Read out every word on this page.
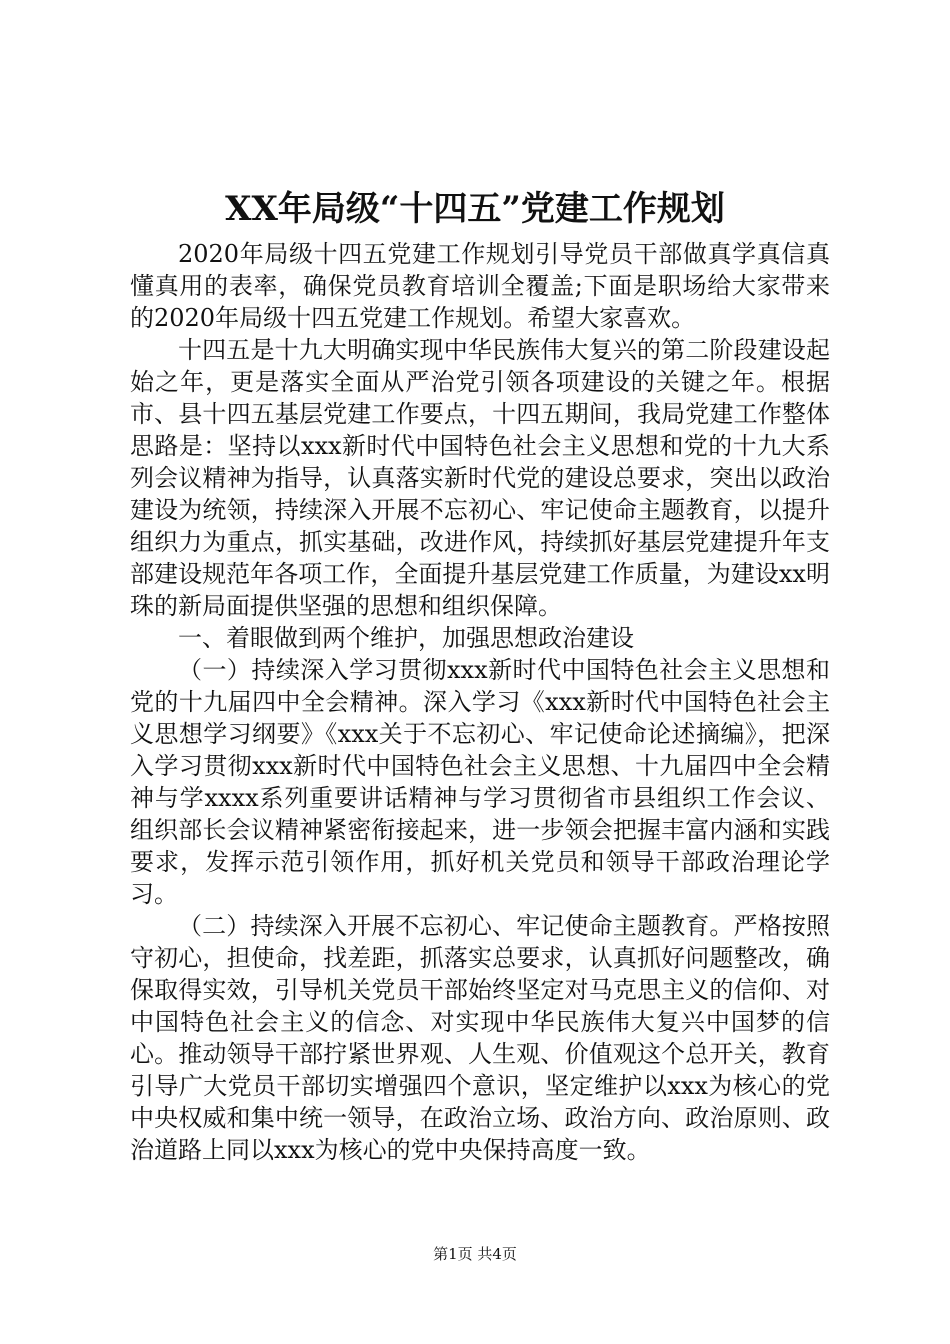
XX年局级“十四五”党建工作规划

2020年局级十四五党建工作规划引导党员干部做真学真信真懂真用的表率，确保党员教育培训全覆盖;下面是职场给大家带来的2020年局级十四五党建工作规划。希望大家喜欢。

十四五是十九大明确实现中华民族伟大复兴的第二阶段建设起始之年，更是落实全面从严治党引领各项建设的关键之年。根据市、县十四五基层党建工作要点，十四五期间，我局党建工作整体思路是：坚持以xxx新时代中国特色社会主义思想和党的十九大系列会议精神为指导，认真落实新时代党的建设总要求，突出以政治建设为统领，持续深入开展不忘初心、牢记使命主题教育，以提升组织力为重点，抓实基础，改进作风，持续抓好基层党建提升年支部建设规范年各项工作，全面提升基层党建工作质量，为建设xx明珠的新局面提供坚强的思想和组织保障。

一、着眼做到两个维护，加强思想政治建设

（一）持续深入学习贯彻xxx新时代中国特色社会主义思想和党的十九届四中全会精神。深入学习《xxx新时代中国特色社会主义思想学习纲要》《xxx关于不忘初心、牢记使命论述摘编》，把深入学习贯彻xxx新时代中国特色社会主义思想、十九届四中全会精神与学xxxx系列重要讲话精神与学习贯彻省市县组织工作会议、组织部长会议精神紧密衔接起来，进一步领会把握丰富内涵和实践要求，发挥示范引领作用，抓好机关党员和领导干部政治理论学习。

（二）持续深入开展不忘初心、牢记使命主题教育。严格按照守初心，担使命，找差距，抓落实总要求，认真抓好问题整改，确保取得实效，引导机关党员干部始终坚定对马克思主义的信仰、对中国特色社会主义的信念、对实现中华民族伟大复兴中国梦的信心。推动领导干部拧紧世界观、人生观、价值观这个总开关，教育引导广大党员干部切实增强四个意识，坚定维护以xxx为核心的党中央权威和集中统一领导，在政治立场、政治方向、政治原则、政治道路上同以xxx为核心的党中央保持高度一致。

第1页 共4页
